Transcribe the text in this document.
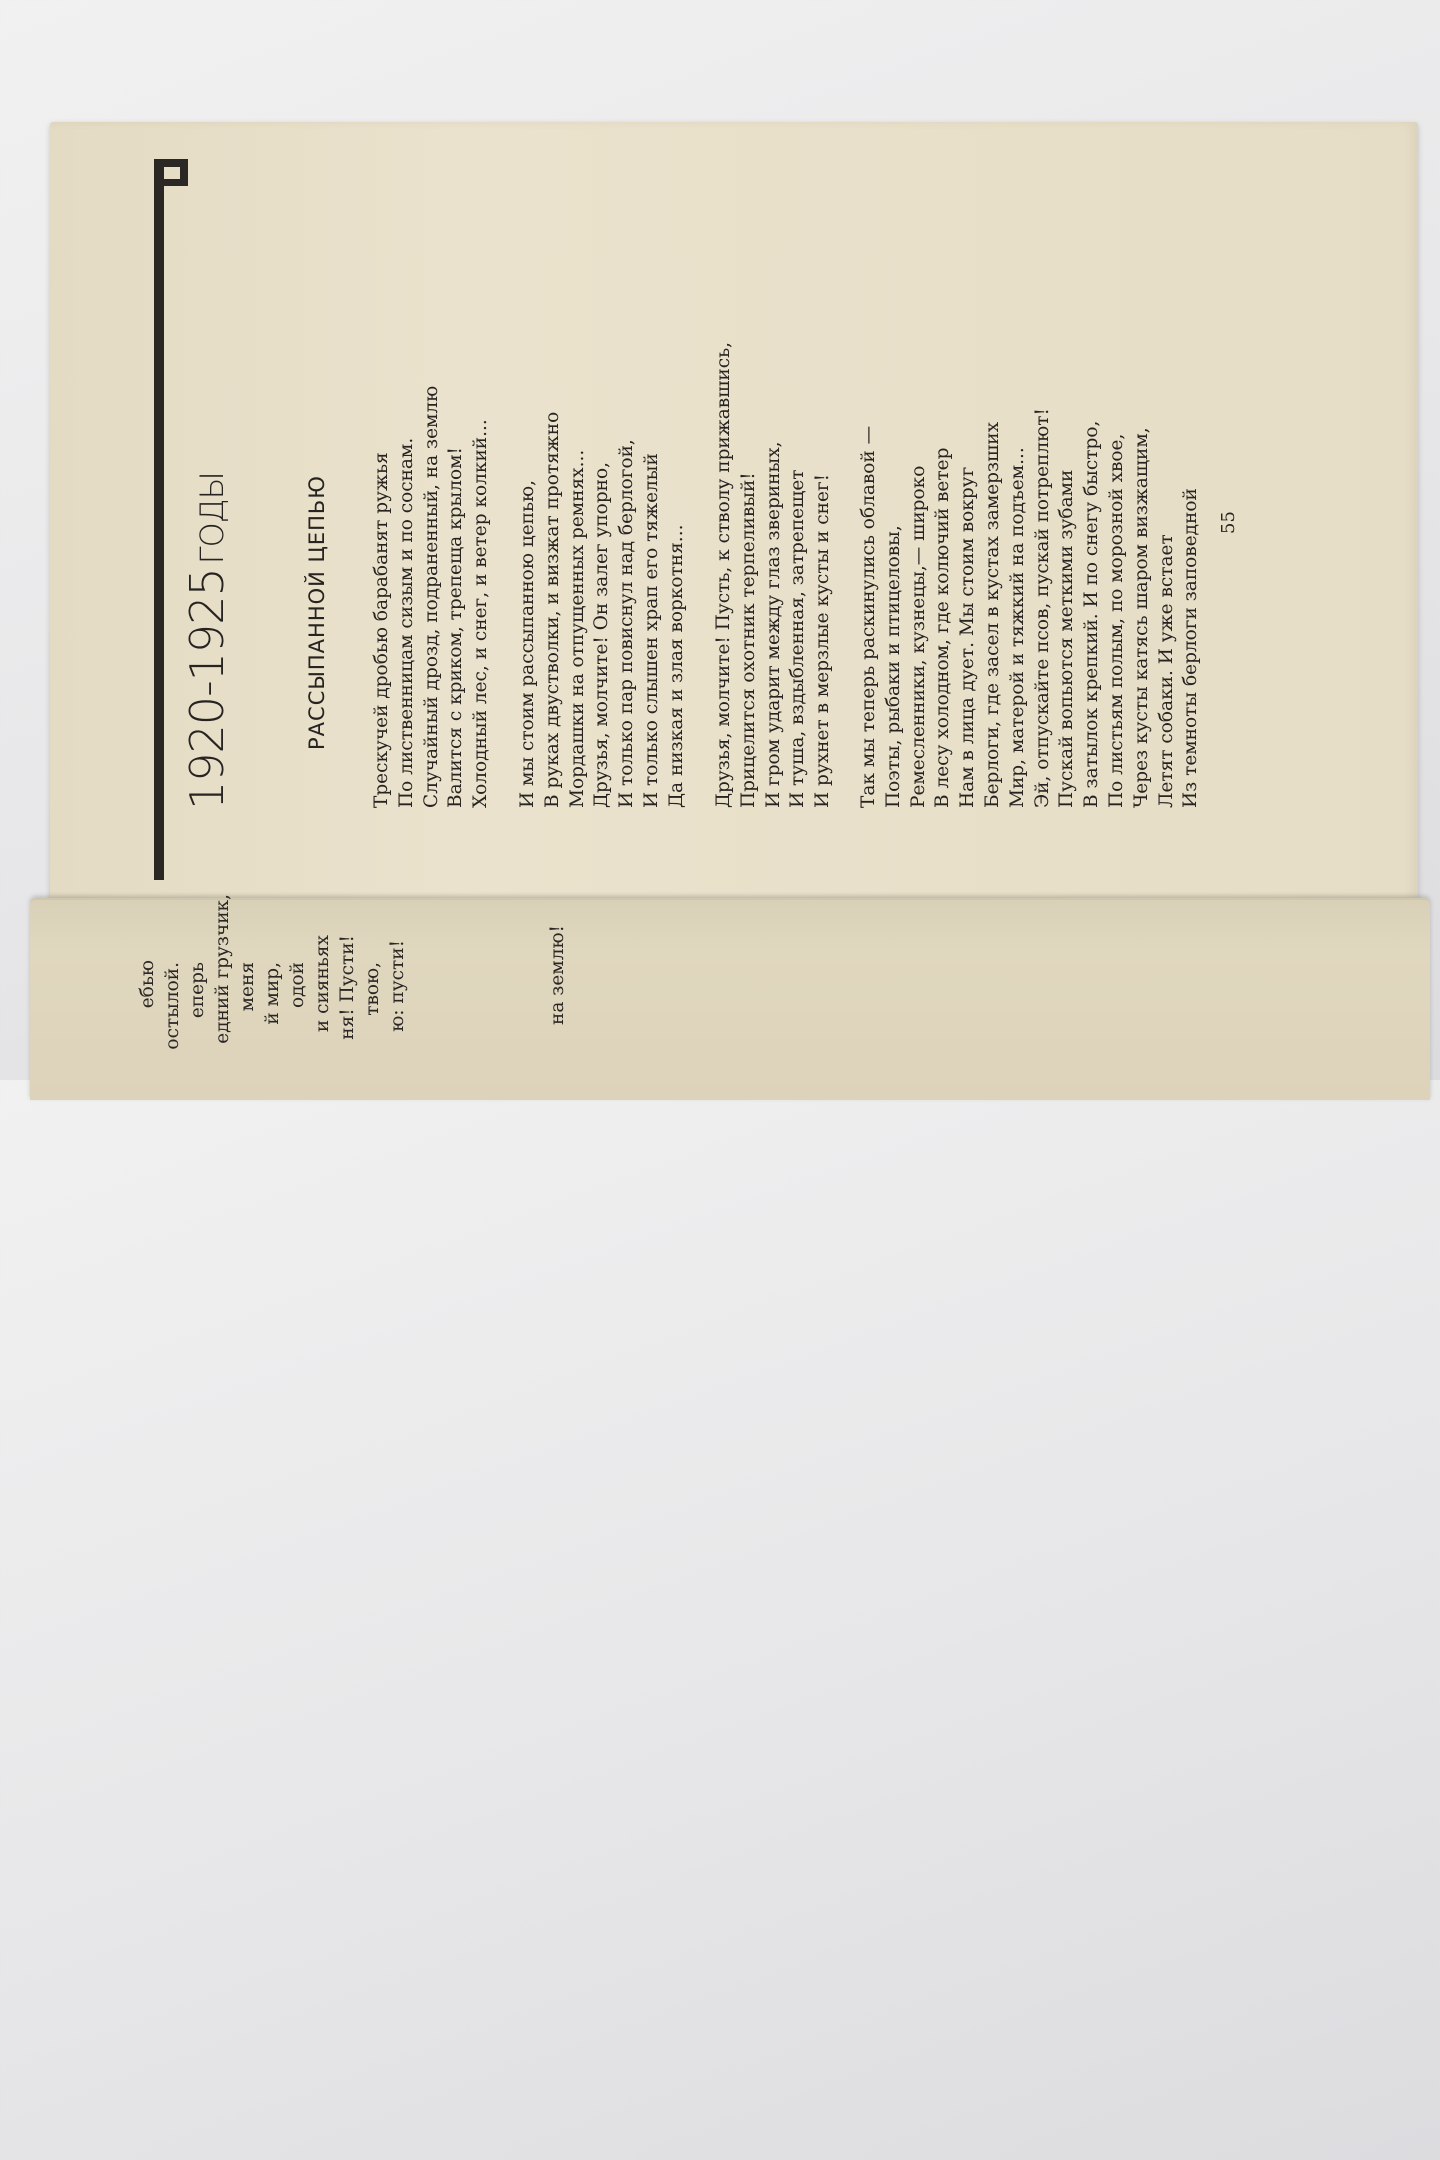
1920-1925ГОДЫ	РАССЫПАННОЙ ЦЕПЬЮ Трескучей дробью барабанят ружья По лиственницам сизым и по соснам. Случайный дрозд, подраненный, на землю Валится с криком, трепеща крылом! Холодный лес, и снег, и ветер колкий... И мы стоим рассыпанною цепью, В руках двустволки, и визжат протяжно Мордашки на отпущенных ремнях... Друзья, молчите! Он залег упорно, И только пар повиснул над берлогой, И только слышен храп его тяжелый Да низкая и злая воркотня... Друзья, молчите! Пусть, к стволу прижавшись, Прицелится охотник терпеливый! И гром ударит между глаз звериных, И туша, вздыбленная, затрепещет И рухнет в мерзлые кусты и снег! Так мы теперь раскинулись облавой — Поэты, рыбаки и птицеловы, Ремесленники, кузнецы,— широко В лесу холодном, где колючий ветер Нам в лица дует. Мы стоим вокруг Берлоги, где засел в кустах замерзших Мир, матерой и тяжкий на подъем... Эй, отпускайте псов, пускай потреплют! Пускай вопьются меткими зубами В затылок крепкий. И по снегу быстро, По листьям полым, по морозной хвое, Через кусты катясь шаром визжащим, Летят собаки. И уже встает Из темноты берлоги заповедной 55
ебью остылой. еперь едний грузчик, меня й мир, одой и сияньях ня! Пусти! твою, ю: пусти!	на землю!
